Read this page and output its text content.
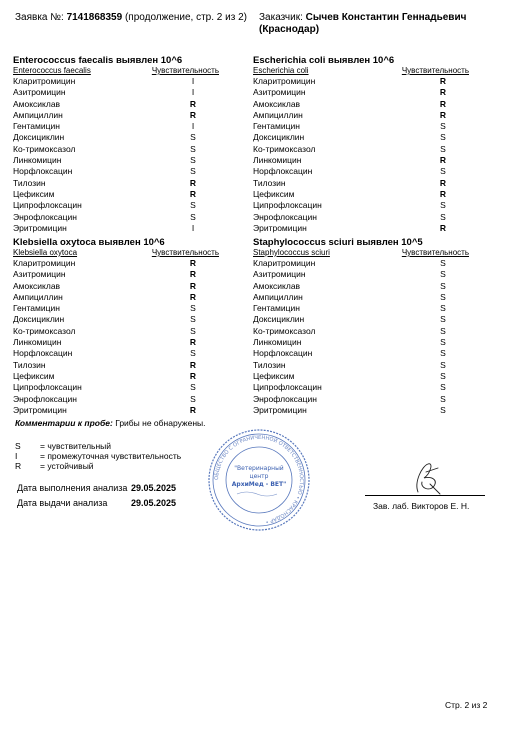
Заявка №: 7141868359 (продолжение, стр. 2 из 2) Заказчик: Сычев Константин Геннадьевич
(Краснодар)
Enterococcus faecalis выявлен 10^6
Enterococcus faecalis	Чувствительность
Кларитромицин	I
Азитромицин	I
Амоксиклав	R
Ампициллин	R
Гентамицин	I
Доксициклин	S
Ко-тримоксазол	S
Линкомицин	S
Норфлоксацин	S
Тилозин	R
Цефиксим	R
Ципрофлоксацин	S
Энрофлоксацин	S
Эритромицин	I
Escherichia coli выявлен 10^6
Escherichia coli	Чувствительность
Кларитромицин	R
Азитромицин	R
Амоксиклав	R
Ампициллин	R
Гентамицин	S
Доксициклин	S
Ко-тримоксазол	S
Линкомицин	R
Норфлоксацин	S
Тилозин	R
Цефиксим	R
Ципрофлоксацин	S
Энрофлоксацин	S
Эритромицин	R
Klebsiella oxytoca выявлен 10^6
Klebsiella oxytoca	Чувствительность
Кларитромицин	R
Азитромицин	R
Амоксиклав	R
Ампициллин	R
Гентамицин	S
Доксициклин	S
Ко-тримоксазол	S
Линкомицин	R
Норфлоксацин	S
Тилозин	R
Цефиксим	R
Ципрофлоксацин	S
Энрофлоксацин	S
Эритромицин	R
Staphylococcus sciuri выявлен 10^5
Staphylococcus sciuri	Чувствительность
Кларитромицин	S
Азитромицин	S
Амоксиклав	S
Ампициллин	S
Гентамицин	S
Доксициклин	S
Ко-тримоксазол	S
Линкомицин	S
Норфлоксацин	S
Тилозин	S
Цефиксим	S
Ципрофлоксацин	S
Энрофлоксацин	S
Эритромицин	S
Комментарии к пробе: Грибы не обнаружены.
S	= чувствительный
I	= промежуточная чувствительность
R	= устойчивый
Дата выполнения анализа	29.05.2025
Дата выдачи анализа	29.05.2025
ОБЩЕСТВО С ОГРАНИЧЕННОЙ ОТВЕТСТВЕННОСТЬЮ • КРАСНОДАР •
"Ветеринарный
центр
АрхиМед - ВЕТ"
Зав. лаб. Викторов Е. Н.
Стр. 2 из 2
